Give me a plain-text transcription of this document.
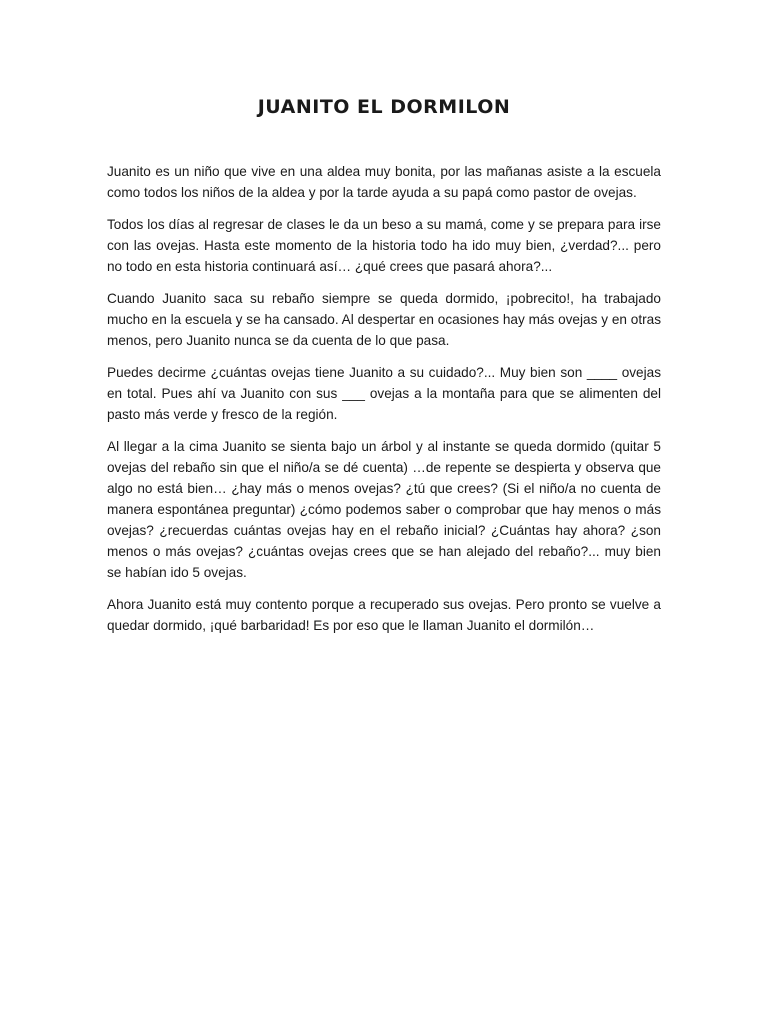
JUANITO EL DORMILON

Juanito es un niño que vive en una aldea muy bonita, por las mañanas asiste a la escuela como todos los niños de la aldea y por la tarde ayuda a su papá como pastor de ovejas.

Todos los días al regresar de clases le da un beso a su mamá, come y se prepara para irse con las ovejas. Hasta este momento de la historia todo ha ido muy bien, ¿verdad?... pero no todo en esta historia continuará así… ¿qué crees que pasará ahora?...

Cuando Juanito saca su rebaño siempre se queda dormido, ¡pobrecito!, ha trabajado mucho en la escuela y se ha cansado. Al despertar en ocasiones hay más ovejas y en otras menos, pero Juanito nunca se da cuenta de lo que pasa.

Puedes decirme ¿cuántas ovejas tiene Juanito a su cuidado?... Muy bien son ____ ovejas en total. Pues ahí va Juanito con sus ___ ovejas a la montaña para que se alimenten del pasto más verde y fresco de la región.

Al llegar a la cima Juanito se sienta bajo un árbol y al instante se queda dormido (quitar 5 ovejas del rebaño sin que el niño/a se dé cuenta) …de repente se despierta y observa que algo no está bien… ¿hay más o menos ovejas? ¿tú que crees? (Si el niño/a no cuenta de manera espontánea preguntar) ¿cómo podemos saber o comprobar que hay menos o más ovejas? ¿recuerdas cuántas ovejas hay en el rebaño inicial? ¿Cuántas hay ahora? ¿son menos o más ovejas? ¿cuántas ovejas crees que se han alejado del rebaño?... muy bien se habían ido 5 ovejas.

Ahora Juanito está muy contento porque a recuperado sus ovejas. Pero pronto se vuelve a quedar dormido, ¡qué barbaridad! Es por eso que le llaman Juanito el dormilón…
